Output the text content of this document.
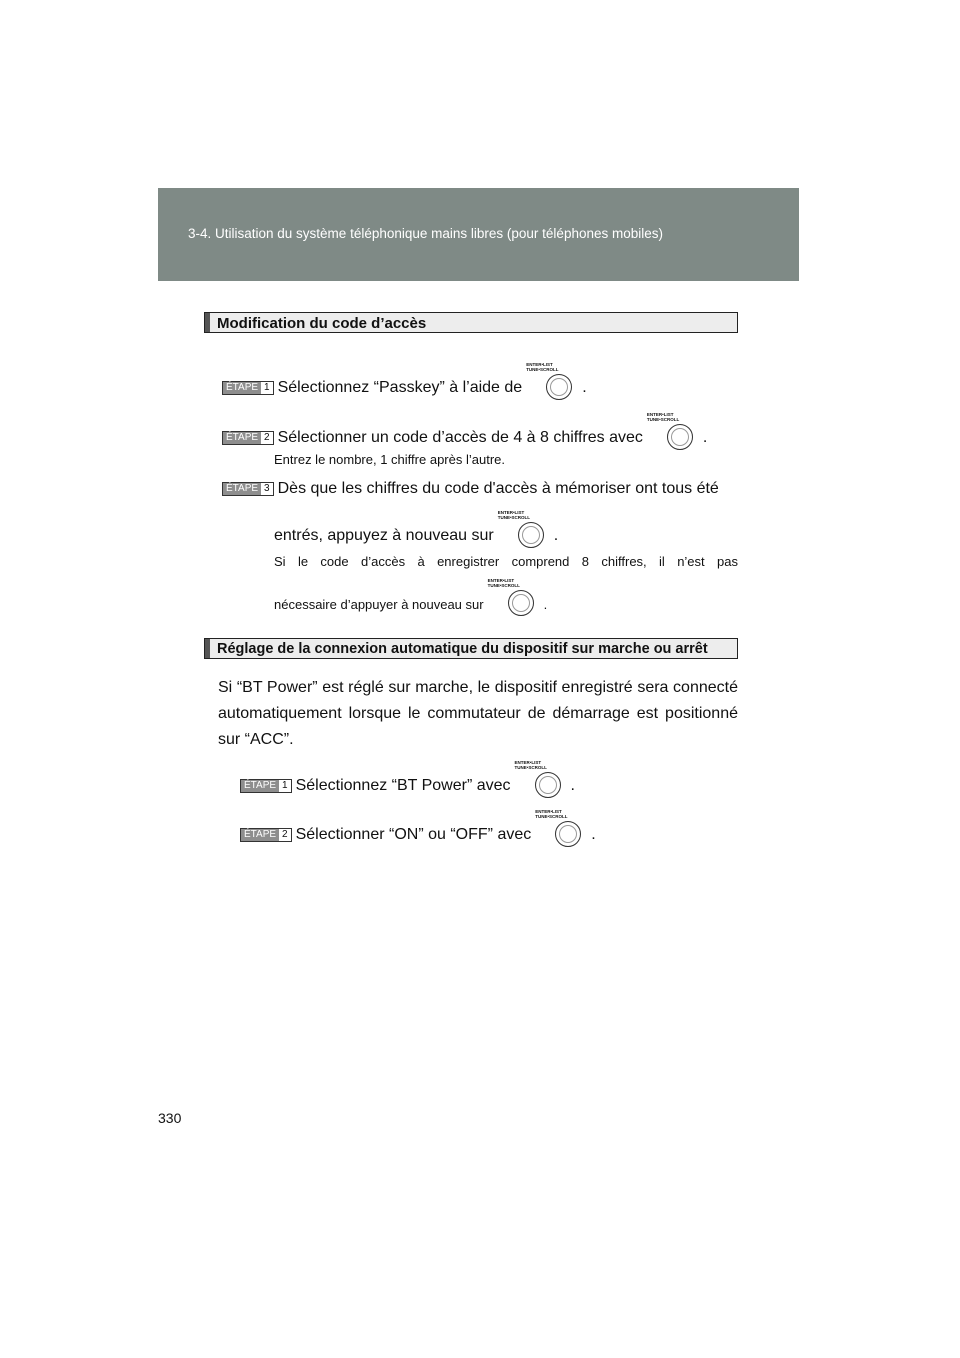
3-4. Utilisation du système téléphonique mains libres (pour téléphones mobiles)
Modification du code d’accès
ÉTAPE 1 Sélectionnez “Passkey” à l’aide de
ENTER•LIST
TUNE•SCROLL
.
ÉTAPE 2 Sélectionner un code d’accès de 4 à 8 chiffres avec
ENTER•LIST
TUNE•SCROLL
.
Entrez le nombre, 1 chiffre après l’autre.
ÉTAPE 3 Dès que les chiffres du code d'accès à mémoriser ont tous été
entrés, appuyez à nouveau sur
ENTER•LIST
TUNE•SCROLL
.
Si le code d’accès à enregistrer comprend 8 chiffres, il n’est pas
nécessaire d’appuyer à nouveau sur
ENTER•LIST
TUNE•SCROLL
.
Réglage de la connexion automatique du dispositif sur marche ou arrêt
Si “BT Power” est réglé sur marche, le dispositif enregistré sera connecté automatiquement lorsque le commutateur de démarrage est positionné sur “ACC”.
ÉTAPE 1 Sélectionnez “BT Power” avec
ENTER•LIST
TUNE•SCROLL
.
ÉTAPE 2 Sélectionner “ON” ou “OFF” avec
ENTER•LIST
TUNE•SCROLL
.
330
